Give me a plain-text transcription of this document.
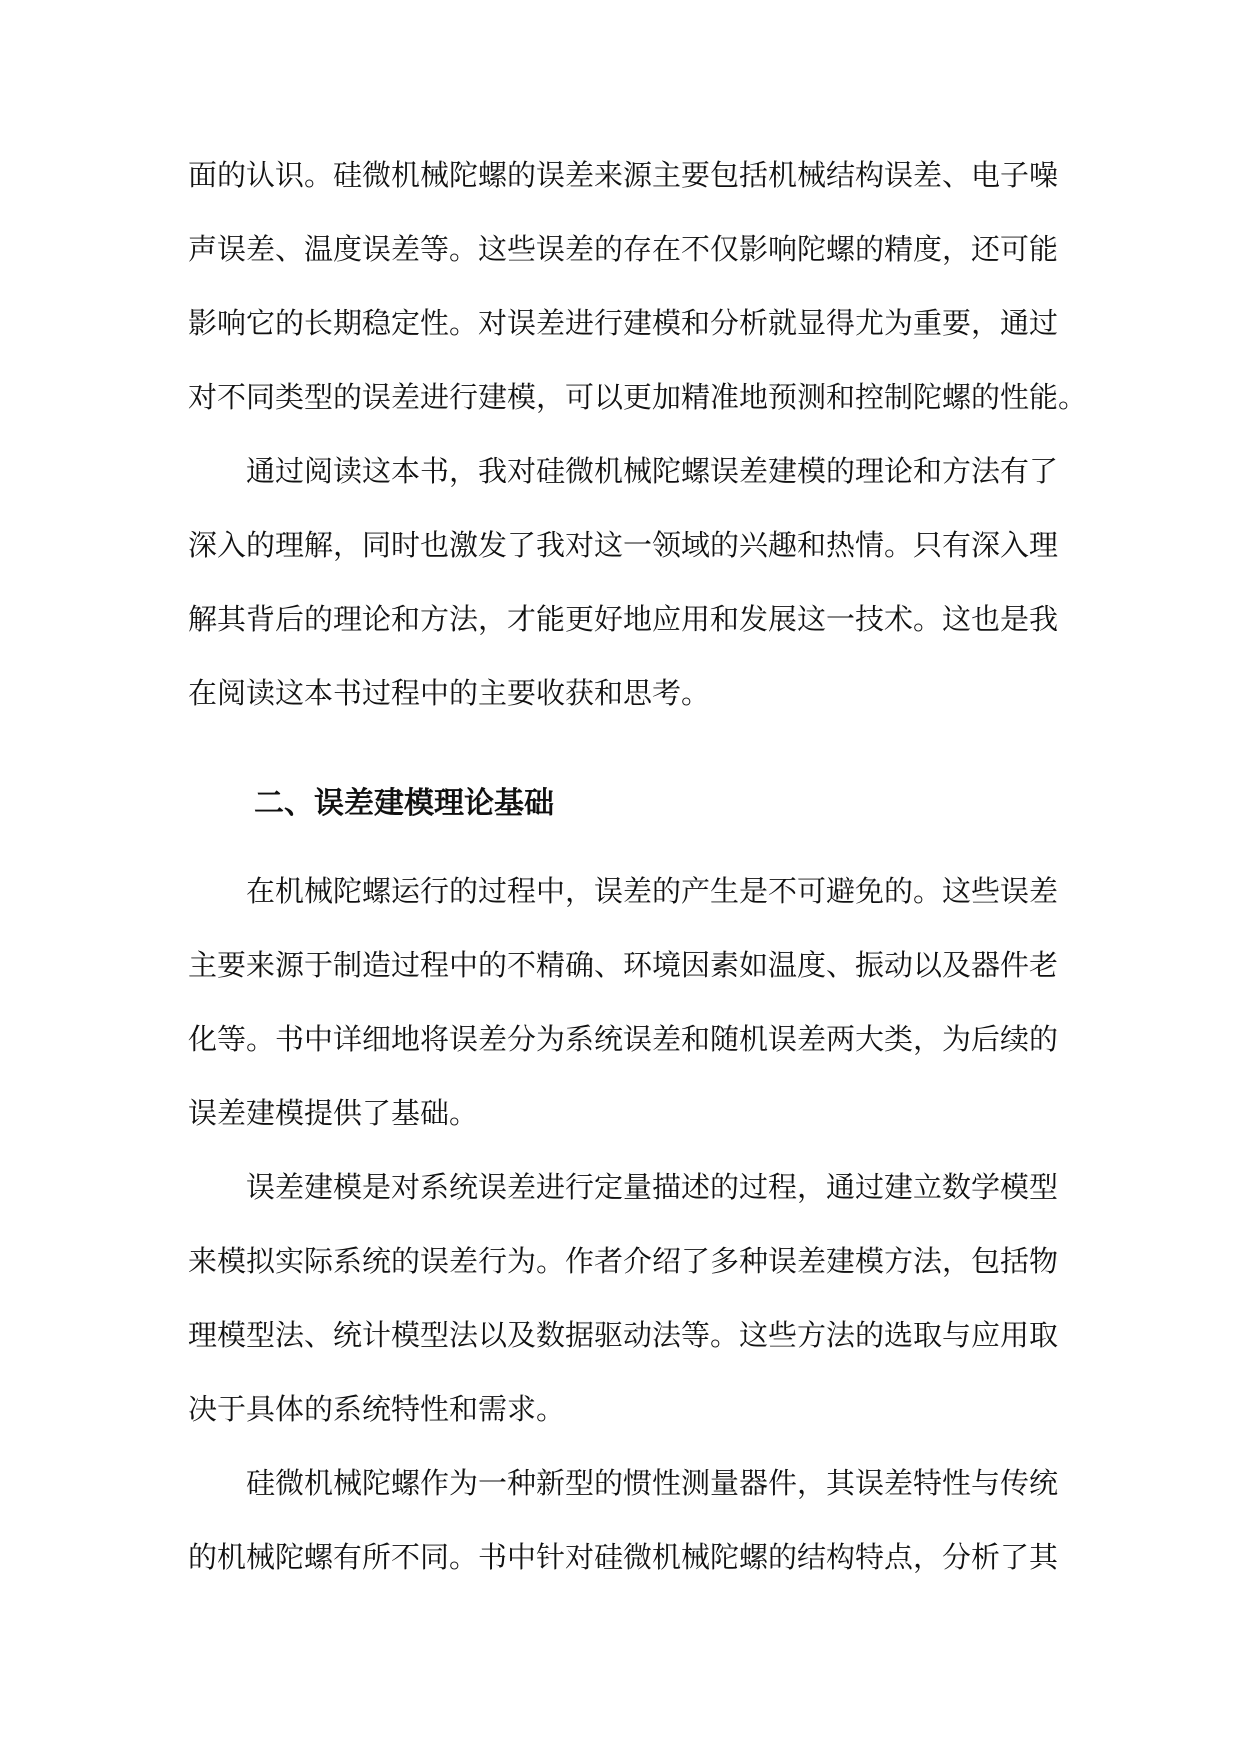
面的认识。硅微机械陀螺的误差来源主要包括机械结构误差、电子噪
声误差、温度误差等。这些误差的存在不仅影响陀螺的精度，还可能
影响它的长期稳定性。对误差进行建模和分析就显得尤为重要，通过
对不同类型的误差进行建模，可以更加精准地预测和控制陀螺的性能。
　　通过阅读这本书，我对硅微机械陀螺误差建模的理论和方法有了
深入的理解，同时也激发了我对这一领域的兴趣和热情。只有深入理
解其背后的理论和方法，才能更好地应用和发展这一技术。这也是我
在阅读这本书过程中的主要收获和思考。
二、误差建模理论基础
　　在机械陀螺运行的过程中，误差的产生是不可避免的。这些误差
主要来源于制造过程中的不精确、环境因素如温度、振动以及器件老
化等。书中详细地将误差分为系统误差和随机误差两大类，为后续的
误差建模提供了基础。
　　误差建模是对系统误差进行定量描述的过程，通过建立数学模型
来模拟实际系统的误差行为。作者介绍了多种误差建模方法，包括物
理模型法、统计模型法以及数据驱动法等。这些方法的选取与应用取
决于具体的系统特性和需求。
　　硅微机械陀螺作为一种新型的惯性测量器件，其误差特性与传统
的机械陀螺有所不同。书中针对硅微机械陀螺的结构特点，分析了其
